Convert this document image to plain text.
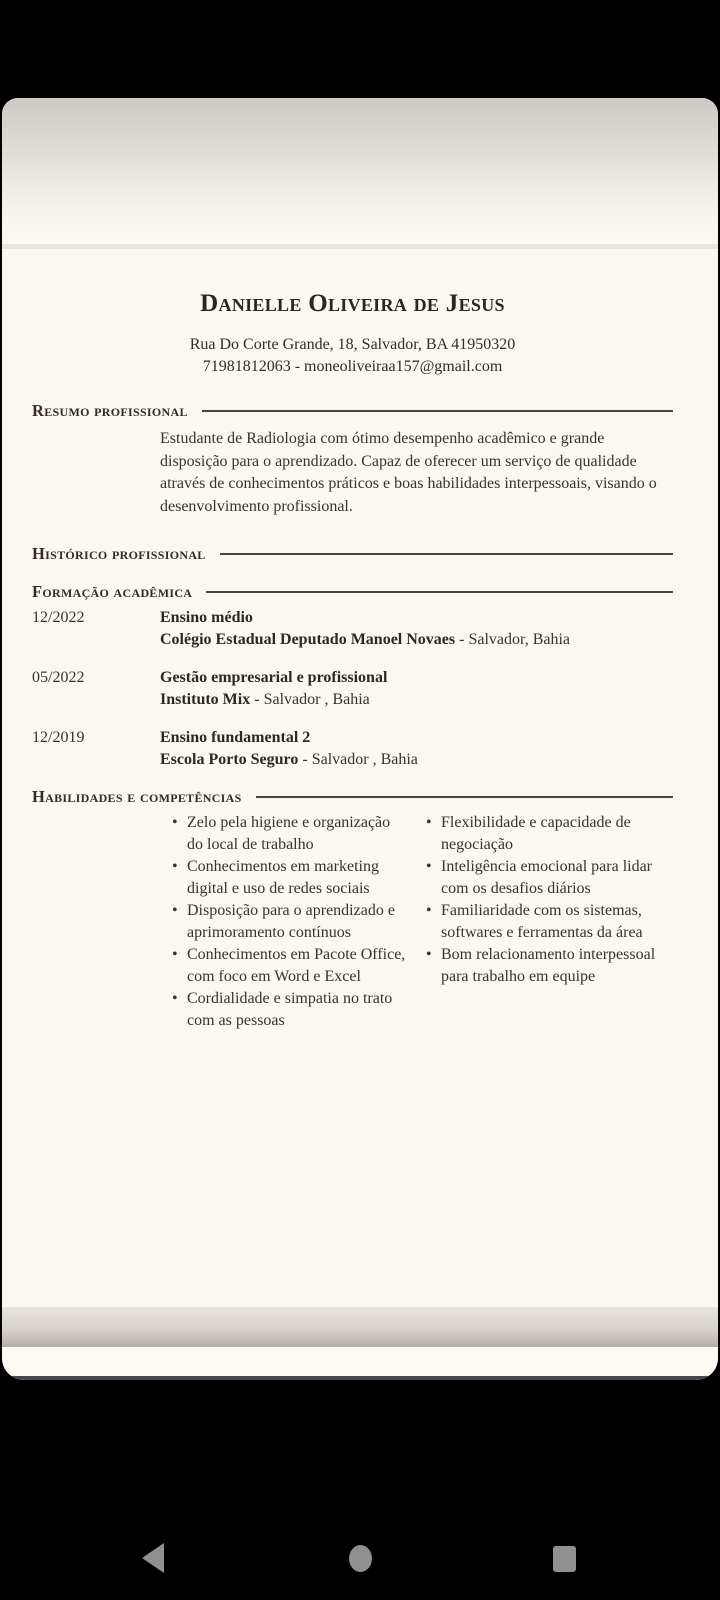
Danielle Oliveira de Jesus
Rua Do Corte Grande, 18, Salvador, BA 41950320
71981812063 - moneoliveiraa157@gmail.com
Resumo profissional

Estudante de Radiologia com ótimo desempenho acadêmico e grande disposição para o aprendizado. Capaz de oferecer um serviço de qualidade através de conhecimentos práticos e boas habilidades interpessoais, visando o desenvolvimento profissional.

Histórico profissional
Formação acadêmica
12/2022	Ensino médio
Colégio Estadual Deputado Manoel Novaes - Salvador, Bahia
05/2022	Gestão empresarial e profissional
Instituto Mix - Salvador , Bahia
12/2019	Ensino fundamental 2
Escola Porto Seguro - Salvador , Bahia
Habilidades e competências
• Zelo pela higiene e organização do local de trabalho
• Conhecimentos em marketing digital e uso de redes sociais
• Disposição para o aprendizado e aprimoramento contínuos
• Conhecimentos em Pacote Office, com foco em Word e Excel
• Cordialidade e simpatia no trato com as pessoas
• Flexibilidade e capacidade de negociação
• Inteligência emocional para lidar com os desafios diários
• Familiaridade com os sistemas, softwares e ferramentas da área
• Bom relacionamento interpessoal para trabalho em equipe
